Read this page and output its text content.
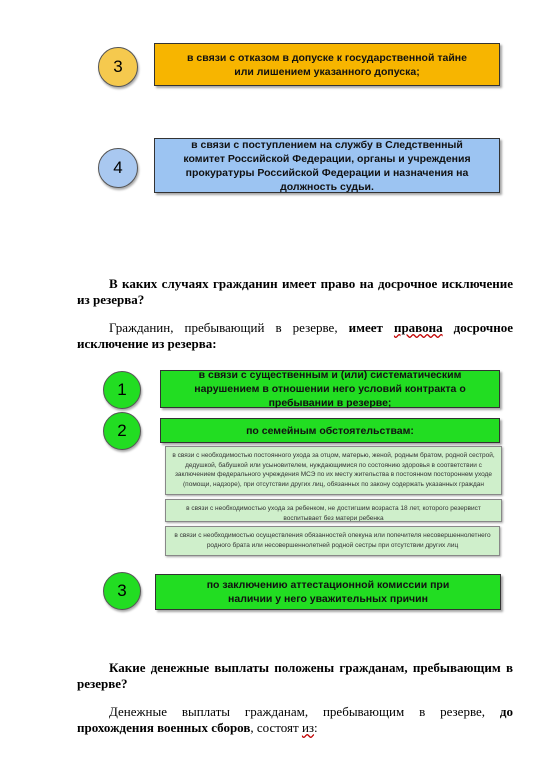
3	в связи с отказом в допуске к государственной тайне или лишением указанного допуска;
4
в связи с поступлением на службу в Следственный комитет Российской Федерации, органы и учреждения прокуратуры Российской Федерации и назначения на должность судьи.

В каких случаях гражданин имеет право на досрочное исключение из резерва?

Гражданин, пребывающий в резерве, имеет правона досрочное исключение из резерва:

1
в связи с существенным и (или) систематическим нарушением в отношении него условий контракта о пребывании в резерве;
2	по семейным обстоятельствам:
в связи с необходимостью постоянного ухода за отцом, матерью, женой, родным братом, родной сестрой, дедушкой, бабушкой или усыновителем, нуждающимися по состоянию здоровья в соответствии с заключением федерального учреждения МСЭ по их месту жительства в постоянном постороннем уходе (помощи, надзоре), при отсутствии других лиц, обязанных по закону содержать указанных граждан
в связи с необходимостью ухода за ребенком, не достигшим возраста 18 лет, которого резервист воспитывает без матери ребенка
в связи с необходимостью осуществления обязанностей опекуна или попечителя несовершеннолетнего родного брата или несовершеннолетней родной сестры при отсутствии других лиц
3	по заключению аттестационной комиссии при наличии у него уважительных причин

Какие денежные выплаты положены гражданам, пребывающим в резерве?

Денежные выплаты гражданам, пребывающим в резерве, до прохождения военных сборов, состоят из:
